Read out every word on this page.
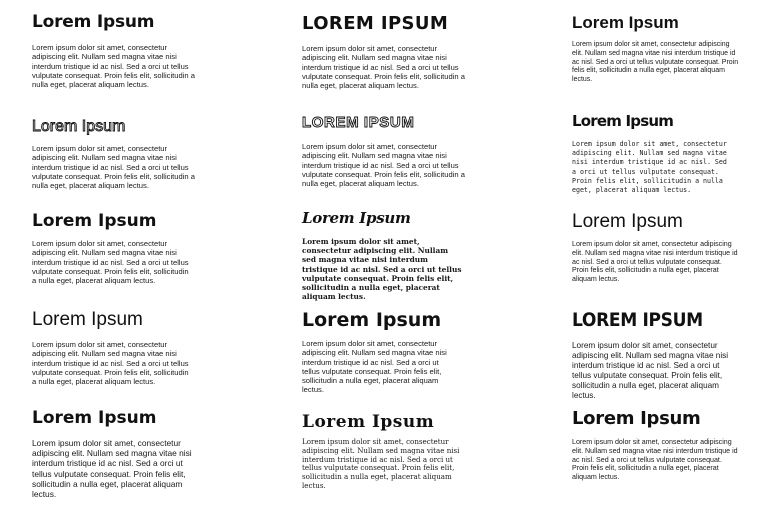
Lorem Ipsum

Lorem ipsum dolor sit amet, consectetur adipiscing elit. Nullam sed magna vitae nisi interdum tristique id ac nisl. Sed a orci ut tellus vulputate consequat. Proin felis elit, sollicitudin a nulla eget, placerat aliquam lectus.

Lorem Ipsum

Lorem ipsum dolor sit amet, consectetur adipiscing elit. Nullam sed magna vitae nisi interdum tristique id ac nisl. Sed a orci ut tellus vulputate consequat. Proin felis elit, sollicitudin a nulla eget, placerat aliquam lectus.

Lorem Ipsum

Lorem ipsum dolor sit amet, consectetur adipiscing elit. Nullam sed magna vitae nisi interdum tristique id ac nisl. Sed a orci ut tellus vulputate consequat. Proin felis elit, sollicitudin a nulla eget, placerat aliquam lectus.

Lorem Ipsum

Lorem ipsum dolor sit amet, consectetur adipiscing elit. Nullam sed magna vitae nisi interdum tristique id ac nisl. Sed a orci ut tellus vulputate consequat. Proin felis elit, sollicitudin a nulla eget, placerat aliquam lectus.

Lorem Ipsum

Lorem ipsum dolor sit amet, consectetur adipiscing elit. Nullam sed magna vitae nisi interdum tristique id ac nisl. Sed a orci ut tellus vulputate consequat. Proin felis elit, sollicitudin a nulla eget, placerat aliquam lectus.

LOREM IPSUM

Lorem ipsum dolor sit amet, consectetur adipiscing elit. Nullam sed magna vitae nisi interdum tristique id ac nisl. Sed a orci ut tellus vulputate consequat. Proin felis elit, sollicitudin a nulla eget, placerat aliquam lectus.

LOREM IPSUM

Lorem ipsum dolor sit amet, consectetur adipiscing elit. Nullam sed magna vitae nisi interdum tristique id ac nisl. Sed a orci ut tellus vulputate consequat. Proin felis elit, sollicitudin a nulla eget, placerat aliquam lectus.

Lorem Ipsum

Lorem ipsum dolor sit amet, consectetur adipiscing elit. Nullam sed magna vitae nisi interdum tristique id ac nisl. Sed a orci ut tellus vulputate consequat. Proin felis elit, sollicitudin a nulla eget, placerat aliquam lectus.

Lorem Ipsum

Lorem ipsum dolor sit amet, consectetur adipiscing elit. Nullam sed magna vitae nisi interdum tristique id ac nisl. Sed a orci ut tellus vulputate consequat. Proin felis elit, sollicitudin a nulla eget, placerat aliquam lectus.

Lorem Ipsum

Lorem ipsum dolor sit amet, consectetur adipiscing elit. Nullam sed magna vitae nisi interdum tristique id ac nisl. Sed a orci ut tellus vulputate consequat. Proin felis elit, sollicitudin a nulla eget, placerat aliquam lectus.

Lorem Ipsum

Lorem ipsum dolor sit amet, consectetur adipiscing elit. Nullam sed magna vitae nisi interdum tristique id ac nisl. Sed a orci ut tellus vulputate consequat. Proin felis elit, sollicitudin a nulla eget, placerat aliquam lectus.

Lorem Ipsum

Lorem ipsum dolor sit amet, consectetur adipiscing elit. Nullam sed magna vitae nisi interdum tristique id ac nisl. Sed a orci ut tellus vulputate consequat. Proin felis elit, sollicitudin a nulla eget, placerat aliquam lectus.

Lorem Ipsum

Lorem ipsum dolor sit amet, consectetur adipiscing elit. Nullam sed magna vitae nisi interdum tristique id ac nisl. Sed a orci ut tellus vulputate consequat. Proin felis elit, sollicitudin a nulla eget, placerat aliquam lectus.

LOREM IPSUM

Lorem ipsum dolor sit amet, consectetur adipiscing elit. Nullam sed magna vitae nisi interdum tristique id ac nisl. Sed a orci ut tellus vulputate consequat. Proin felis elit, sollicitudin a nulla eget, placerat aliquam lectus.

Lorem Ipsum

Lorem ipsum dolor sit amet, consectetur adipiscing elit. Nullam sed magna vitae nisi interdum tristique id ac nisl. Sed a orci ut tellus vulputate consequat. Proin felis elit, sollicitudin a nulla eget, placerat aliquam lectus.
